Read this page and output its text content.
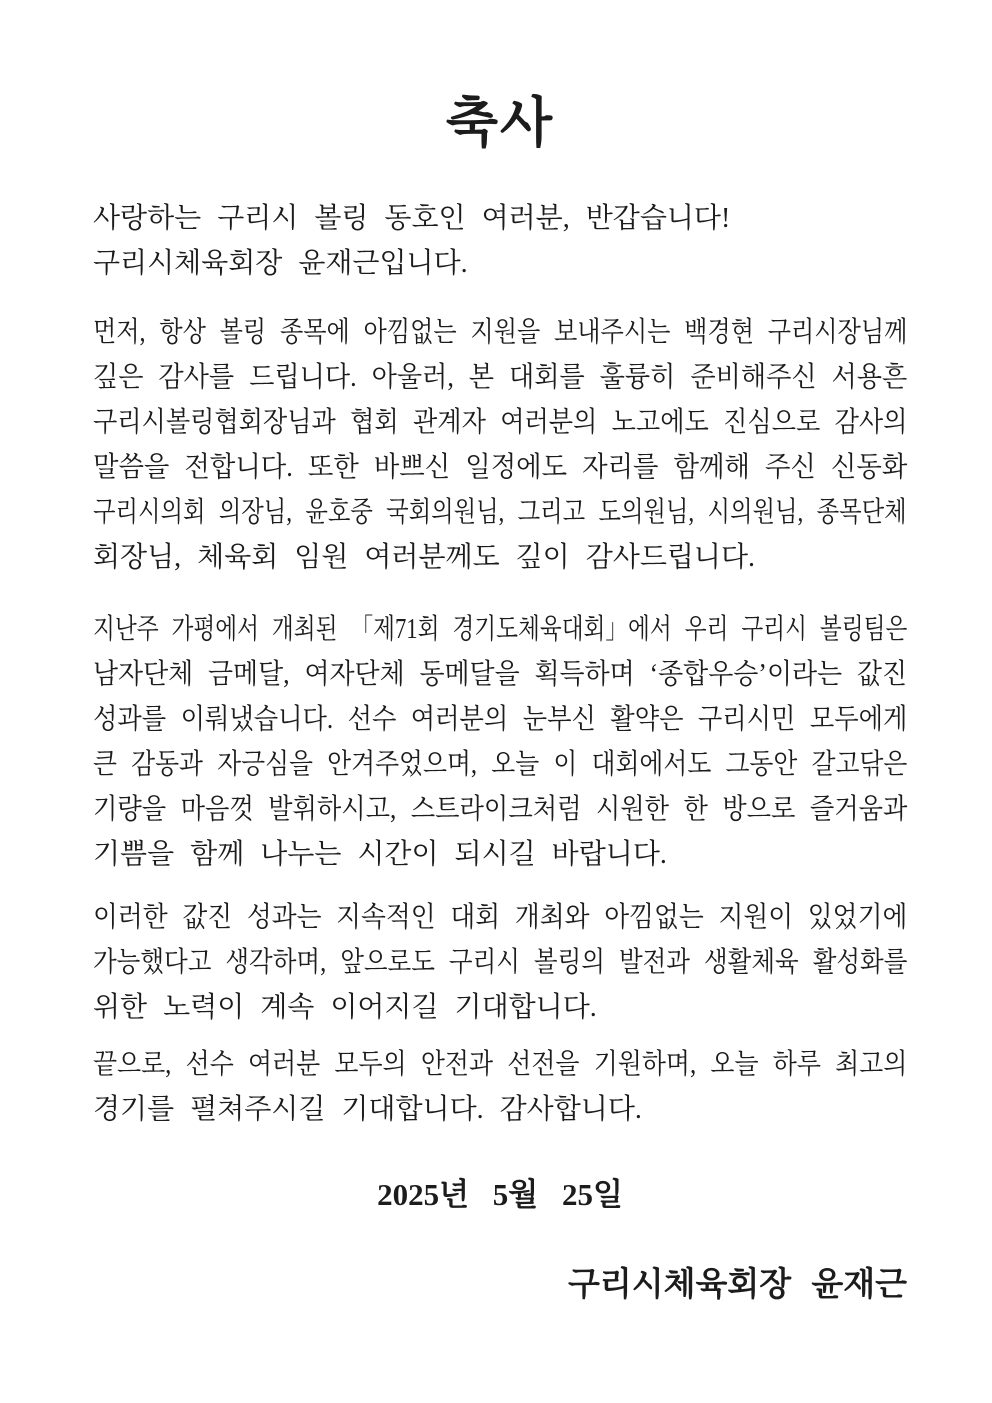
축사
사랑하는 구리시 볼링 동호인 여러분, 반갑습니다!
구리시체육회장 윤재근입니다.
먼저, 항상 볼링 종목에 아낌없는 지원을 보내주시는 백경현 구리시장님께
깊은 감사를 드립니다. 아울러, 본 대회를 훌륭히 준비해주신 서용흔
구리시볼링협회장님과 협회 관계자 여러분의 노고에도 진심으로 감사의
말씀을 전합니다. 또한 바쁘신 일정에도 자리를 함께해 주신 신동화
구리시의회 의장님, 윤호중 국회의원님, 그리고 도의원님, 시의원님, 종목단체
회장님, 체육회 임원 여러분께도 깊이 감사드립니다.
지난주 가평에서 개최된 「제71회 경기도체육대회」에서 우리 구리시 볼링팀은
남자단체 금메달, 여자단체 동메달을 획득하며 ‘종합우승’이라는 값진
성과를 이뤄냈습니다. 선수 여러분의 눈부신 활약은 구리시민 모두에게
큰 감동과 자긍심을 안겨주었으며, 오늘 이 대회에서도 그동안 갈고닦은
기량을 마음껏 발휘하시고, 스트라이크처럼 시원한 한 방으로 즐거움과
기쁨을 함께 나누는 시간이 되시길 바랍니다.
이러한 값진 성과는 지속적인 대회 개최와 아낌없는 지원이 있었기에
가능했다고 생각하며, 앞으로도 구리시 볼링의 발전과 생활체육 활성화를
위한 노력이 계속 이어지길 기대합니다.
끝으로, 선수 여러분 모두의 안전과 선전을 기원하며, 오늘 하루 최고의
경기를 펼쳐주시길 기대합니다. 감사합니다.
2025년 5월 25일
구리시체육회장 윤재근
